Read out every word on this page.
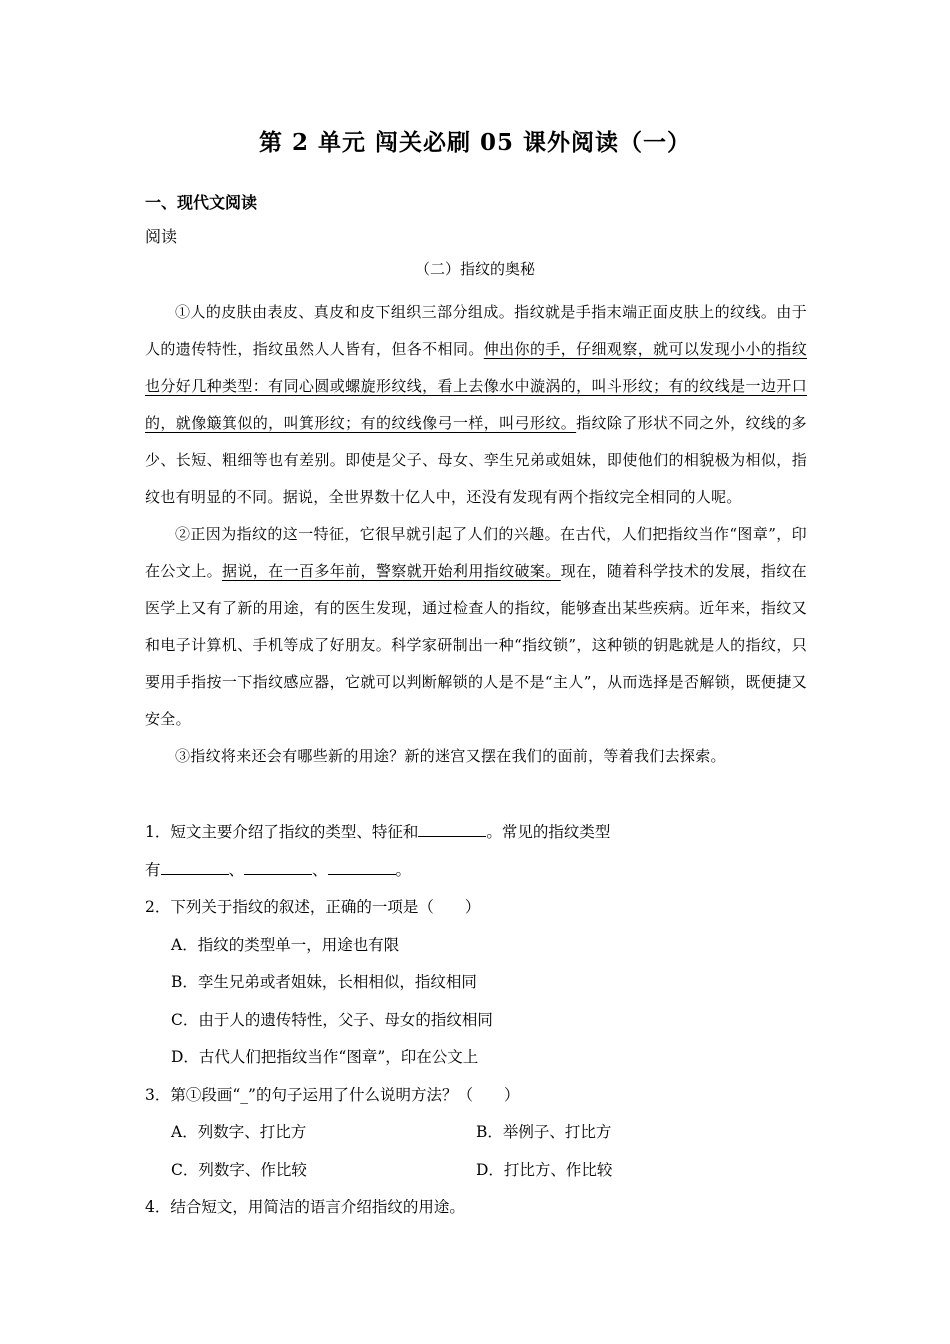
第 2 单元 闯关必刷 05 课外阅读（一）
一、现代文阅读
阅读
（二）指纹的奥秘

①人的皮肤由表皮、真皮和皮下组织三部分组成。指纹就是手指末端正面皮肤上的纹线。由于人的遗传特性，指纹虽然人人皆有，但各不相同。伸出你的手，仔细观察，就可以发现小小的指纹也分好几种类型：有同心圆或螺旋形纹线，看上去像水中漩涡的，叫斗形纹；有的纹线是一边开口的，就像簸箕似的，叫箕形纹；有的纹线像弓一样，叫弓形纹。指纹除了形状不同之外，纹线的多少、长短、粗细等也有差别。即使是父子、母女、孪生兄弟或姐妹，即使他们的相貌极为相似，指纹也有明显的不同。据说，全世界数十亿人中，还没有发现有两个指纹完全相同的人呢。

②正因为指纹的这一特征，它很早就引起了人们的兴趣。在古代，人们把指纹当作“图章”，印在公文上。据说，在一百多年前，警察就开始利用指纹破案。现在，随着科学技术的发展，指纹在医学上又有了新的用途，有的医生发现，通过检查人的指纹，能够查出某些疾病。近年来，指纹又和电子计算机、手机等成了好朋友。科学家研制出一种“指纹锁”，这种锁的钥匙就是人的指纹，只要用手指按一下指纹感应器，它就可以判断解锁的人是不是“主人”，从而选择是否解锁，既便捷又安全。

③指纹将来还会有哪些新的用途？新的迷宫又摆在我们的面前，等着我们去探索。

1．短文主要介绍了指纹的类型、特征和	。常见的指纹类型

有	、	、	。

2．下列关于指纹的叙述，正确的一项是（　　）

A．指纹的类型单一，用途也有限

B．孪生兄弟或者姐妹，长相相似，指纹相同

C．由于人的遗传特性，父子、母女的指纹相同

D．古代人们把指纹当作“图章”，印在公文上

3．第①段画“_”的句子运用了什么说明方法？（　　）

A．列数字、打比方	B．举例子、打比方
C．列数字、作比较	D．打比方、作比较

4．结合短文，用简洁的语言介绍指纹的用途。
